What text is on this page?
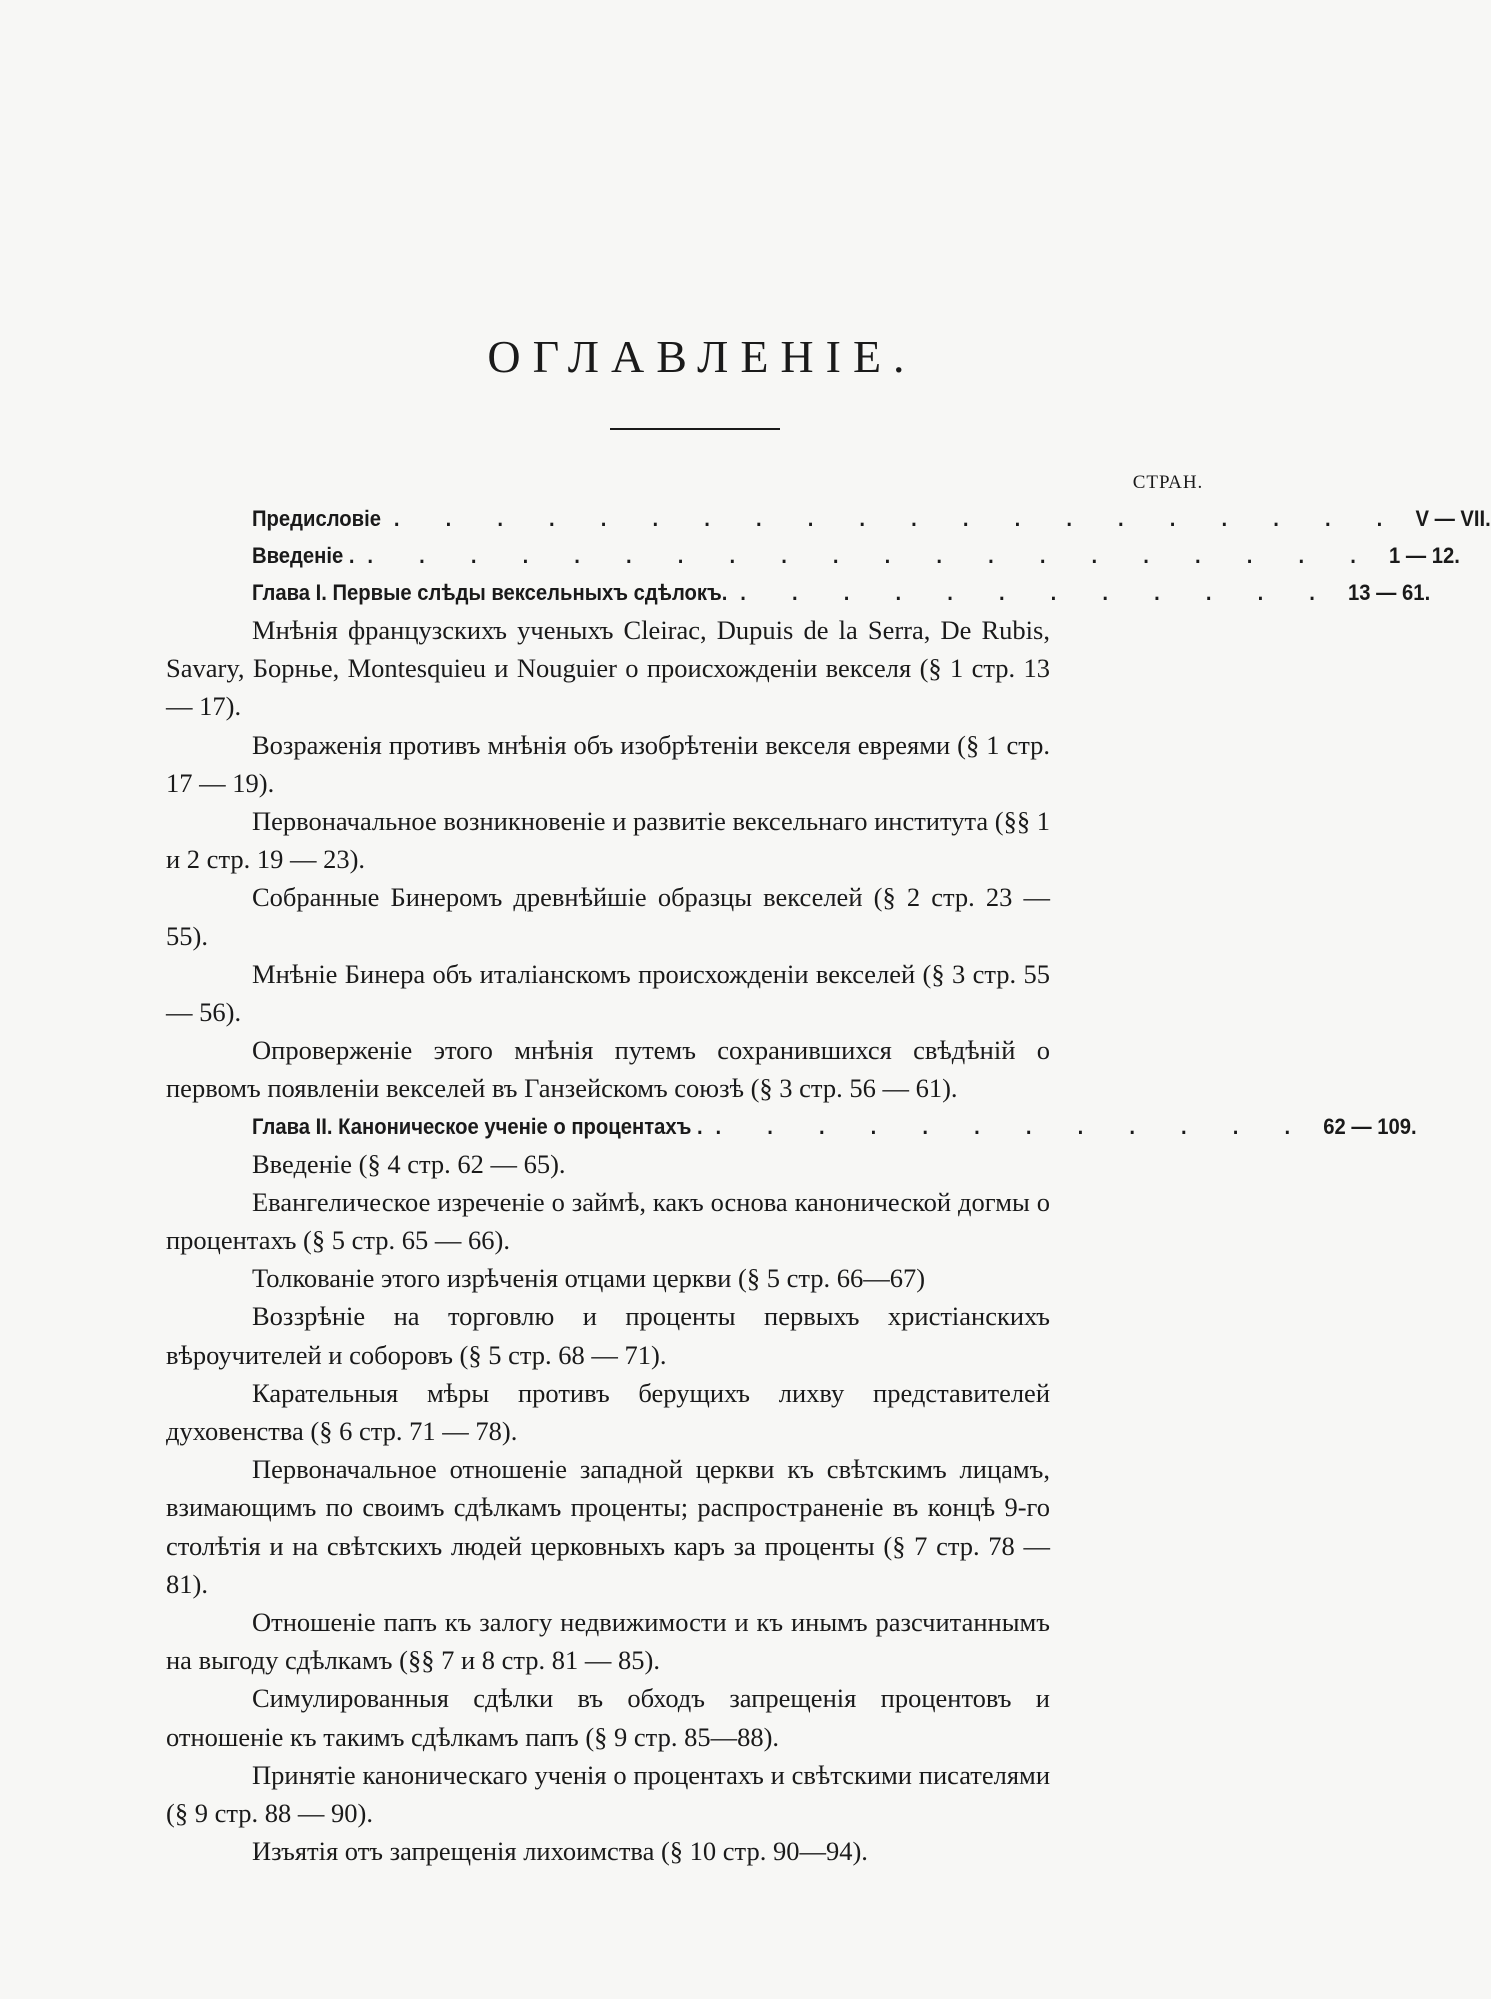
ОГЛАВЛЕНІЕ.
СТРАН.
Предисловіе . . . . . . . . . . . . . . . . . . . . V — VII.
Введеніе . . . . . . . . . . . . . . . . . . . . . 1 — 12.
Глава I. Первые слѣды вексельныхъ сдѣлокъ. . . . . . . . . . . . . 13 — 61.

Мнѣнія французскихъ ученыхъ Cleirac, Dupuis de la Serra, De Rubis, Savary, Борнье, Montesquieu и Nouguier о происхожденіи векселя (§ 1 стр. 13 — 17).

Возраженія противъ мнѣнія объ изобрѣтеніи векселя евреями (§ 1 стр. 17 — 19).

Первоначальное возникновеніе и развитіе вексельнаго института (§§ 1 и 2 стр. 19 — 23).

Собранные Бинеромъ древнѣйшіе образцы векселей (§ 2 стр. 23 — 55).

Мнѣніе Бинера объ италіанскомъ происхожденіи векселей (§ 3 стр. 55 — 56).

Опроверженіе этого мнѣнія путемъ сохранившихся свѣдѣній о первомъ появленіи векселей въ Ганзейскомъ союзѣ (§ 3 стр. 56 — 61).

Глава II. Каноническое ученіе о процентахъ . . . . . . . . . . . . . 62 — 109.

Введеніе (§ 4 стр. 62 — 65).

Евангелическое изреченіе о займѣ, какъ основа канонической догмы о процентахъ (§ 5 стр. 65 — 66).

Толкованіе этого изрѣченія отцами церкви (§ 5 стр. 66—67)

Воззрѣніе на торговлю и проценты первыхъ христіанскихъ вѣроучителей и соборовъ (§ 5 стр. 68 — 71).

Карательныя мѣры противъ берущихъ лихву представителей духовенства (§ 6 стр. 71 — 78).

Первоначальное отношеніе западной церкви къ свѣтскимъ лицамъ, взимающимъ по своимъ сдѣлкамъ проценты; распространеніе въ концѣ 9-го столѣтія и на свѣтскихъ людей церковныхъ каръ за проценты (§ 7 стр. 78 — 81).

Отношеніе папъ къ залогу недвижимости и къ инымъ разсчитаннымъ на выгоду сдѣлкамъ (§§ 7 и 8 стр. 81 — 85).

Симулированныя сдѣлки въ обходъ запрещенія процентовъ и отношеніе къ такимъ сдѣлкамъ папъ (§ 9 стр. 85—88).

Принятіе каноническаго ученія о процентахъ и свѣтскими писателями (§ 9 стр. 88 — 90).

Изъятія отъ запрещенія лихоимства (§ 10 стр. 90—94).
